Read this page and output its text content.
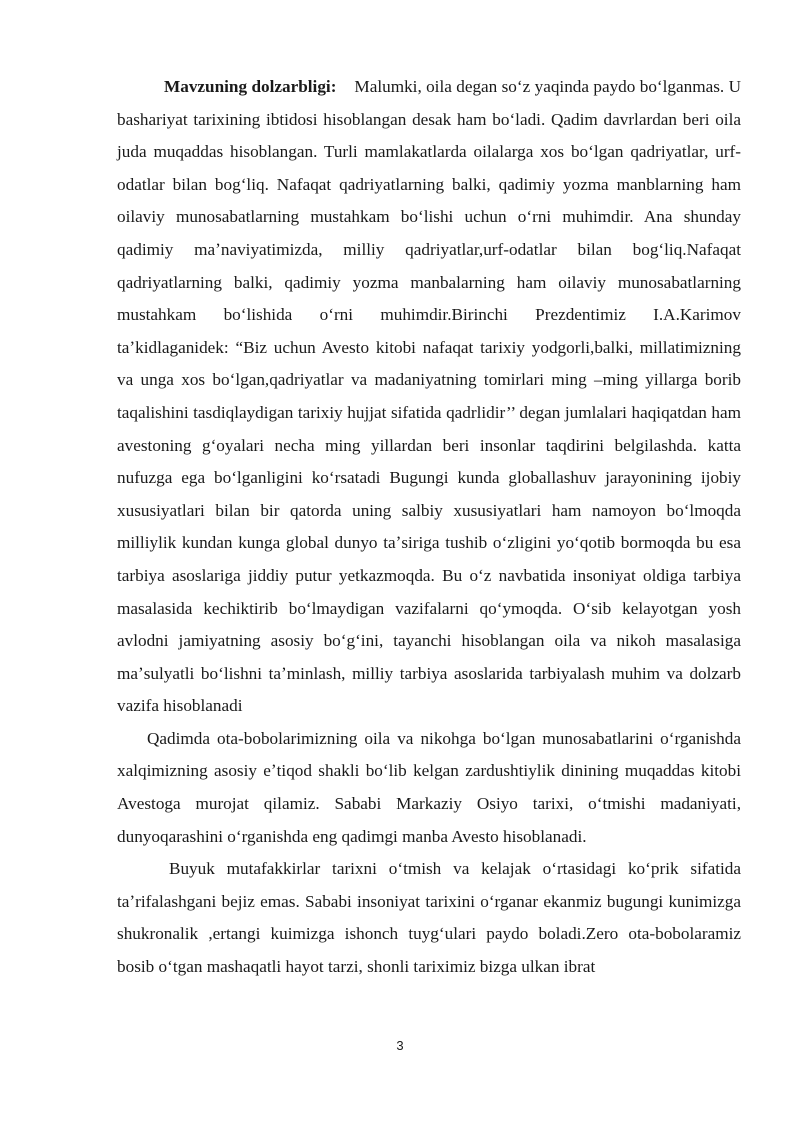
Mavzuning dolzarbligi: Malumki, oila degan soʻz yaqinda paydo boʻlganmas. U bashariyat tarixining ibtidosi hisoblangan desak ham boʻladi. Qadim davrlardan beri oila juda muqaddas hisoblangan. Turli mamlakatlarda oilalarga xos boʻlgan qadriyatlar, urf-odatlar bilan bogʻliq. Nafaqat qadriyatlarning balki, qadimiy yozma manblarning ham oilaviy munosabatlarning mustahkam boʻlishi uchun oʻrni muhimdir. Ana shunday qadimiy maʼnaviyatimizda, milliy qadriyatlar,urf-odatlar bilan bogʻliq.Nafaqat qadriyatlarning balki, qadimiy yozma manbalarning ham oilaviy munosabatlarning mustahkam boʻlishida oʻrni muhimdir.Birinchi Prezdentimiz I.A.Karimov taʼkidlaganidek: “Biz uchun Avesto kitobi nafaqat tarixiy yodgorli,balki, millatimizning va unga xos boʻlgan,qadriyatlar va madaniyatning tomirlari ming –ming yillarga borib taqalishini tasdiqlaydigan tarixiy hujjat sifatida qadrlidir’’ degan jumlalari haqiqatdan ham avestoning gʻoyalari necha ming yillardan beri insonlar taqdirini belgilashda. katta nufuzga ega boʻlganligini koʻrsatadi Bugungi kunda globallashuv jarayonining ijobiy xususiyatlari bilan bir qatorda uning salbiy xususiyatlari ham namoyon boʻlmoqda milliylik kundan kunga global dunyo taʼsiriga tushib oʻzligini yoʻqotib bormoqda bu esa tarbiya asoslariga jiddiy putur yetkazmoqda. Bu oʻz navbatida insoniyat oldiga tarbiya masalasida kechiktirib boʻlmaydigan vazifalarni qoʻymoqda. Oʻsib kelayotgan yosh avlodni jamiyatning asosiy boʻgʻini, tayanchi hisoblangan oila va nikoh masalasiga maʼsulyatli boʻlishni taʼminlash, milliy tarbiya asoslarida tarbiyalash muhim va dolzarb vazifa hisoblanadi

Qadimda ota-bobolarimizning oila va nikohga boʻlgan munosabatlarini oʻrganishda xalqimizning asosiy eʼtiqod shakli boʻlib kelgan zardushtiylik dinining muqaddas kitobi Avestoga murojat qilamiz. Sababi Markaziy Osiyo tarixi, oʻtmishi madaniyati, dunyoqarashini oʻrganishda eng qadimgi manba Avesto hisoblanadi.

Buyuk mutafakkirlar tarixni oʻtmish va kelajak oʻrtasidagi koʻprik sifatida taʼrifalashgani bejiz emas. Sababi insoniyat tarixini oʻrganar ekanmiz bugungi kunimizga shukronalik ,ertangi kuimizga ishonch tuygʻulari paydo boladi.Zero ota-bobolaramiz bosib oʻtgan mashaqatli hayot tarzi, shonli tariximiz bizga ulkan ibrat

3
